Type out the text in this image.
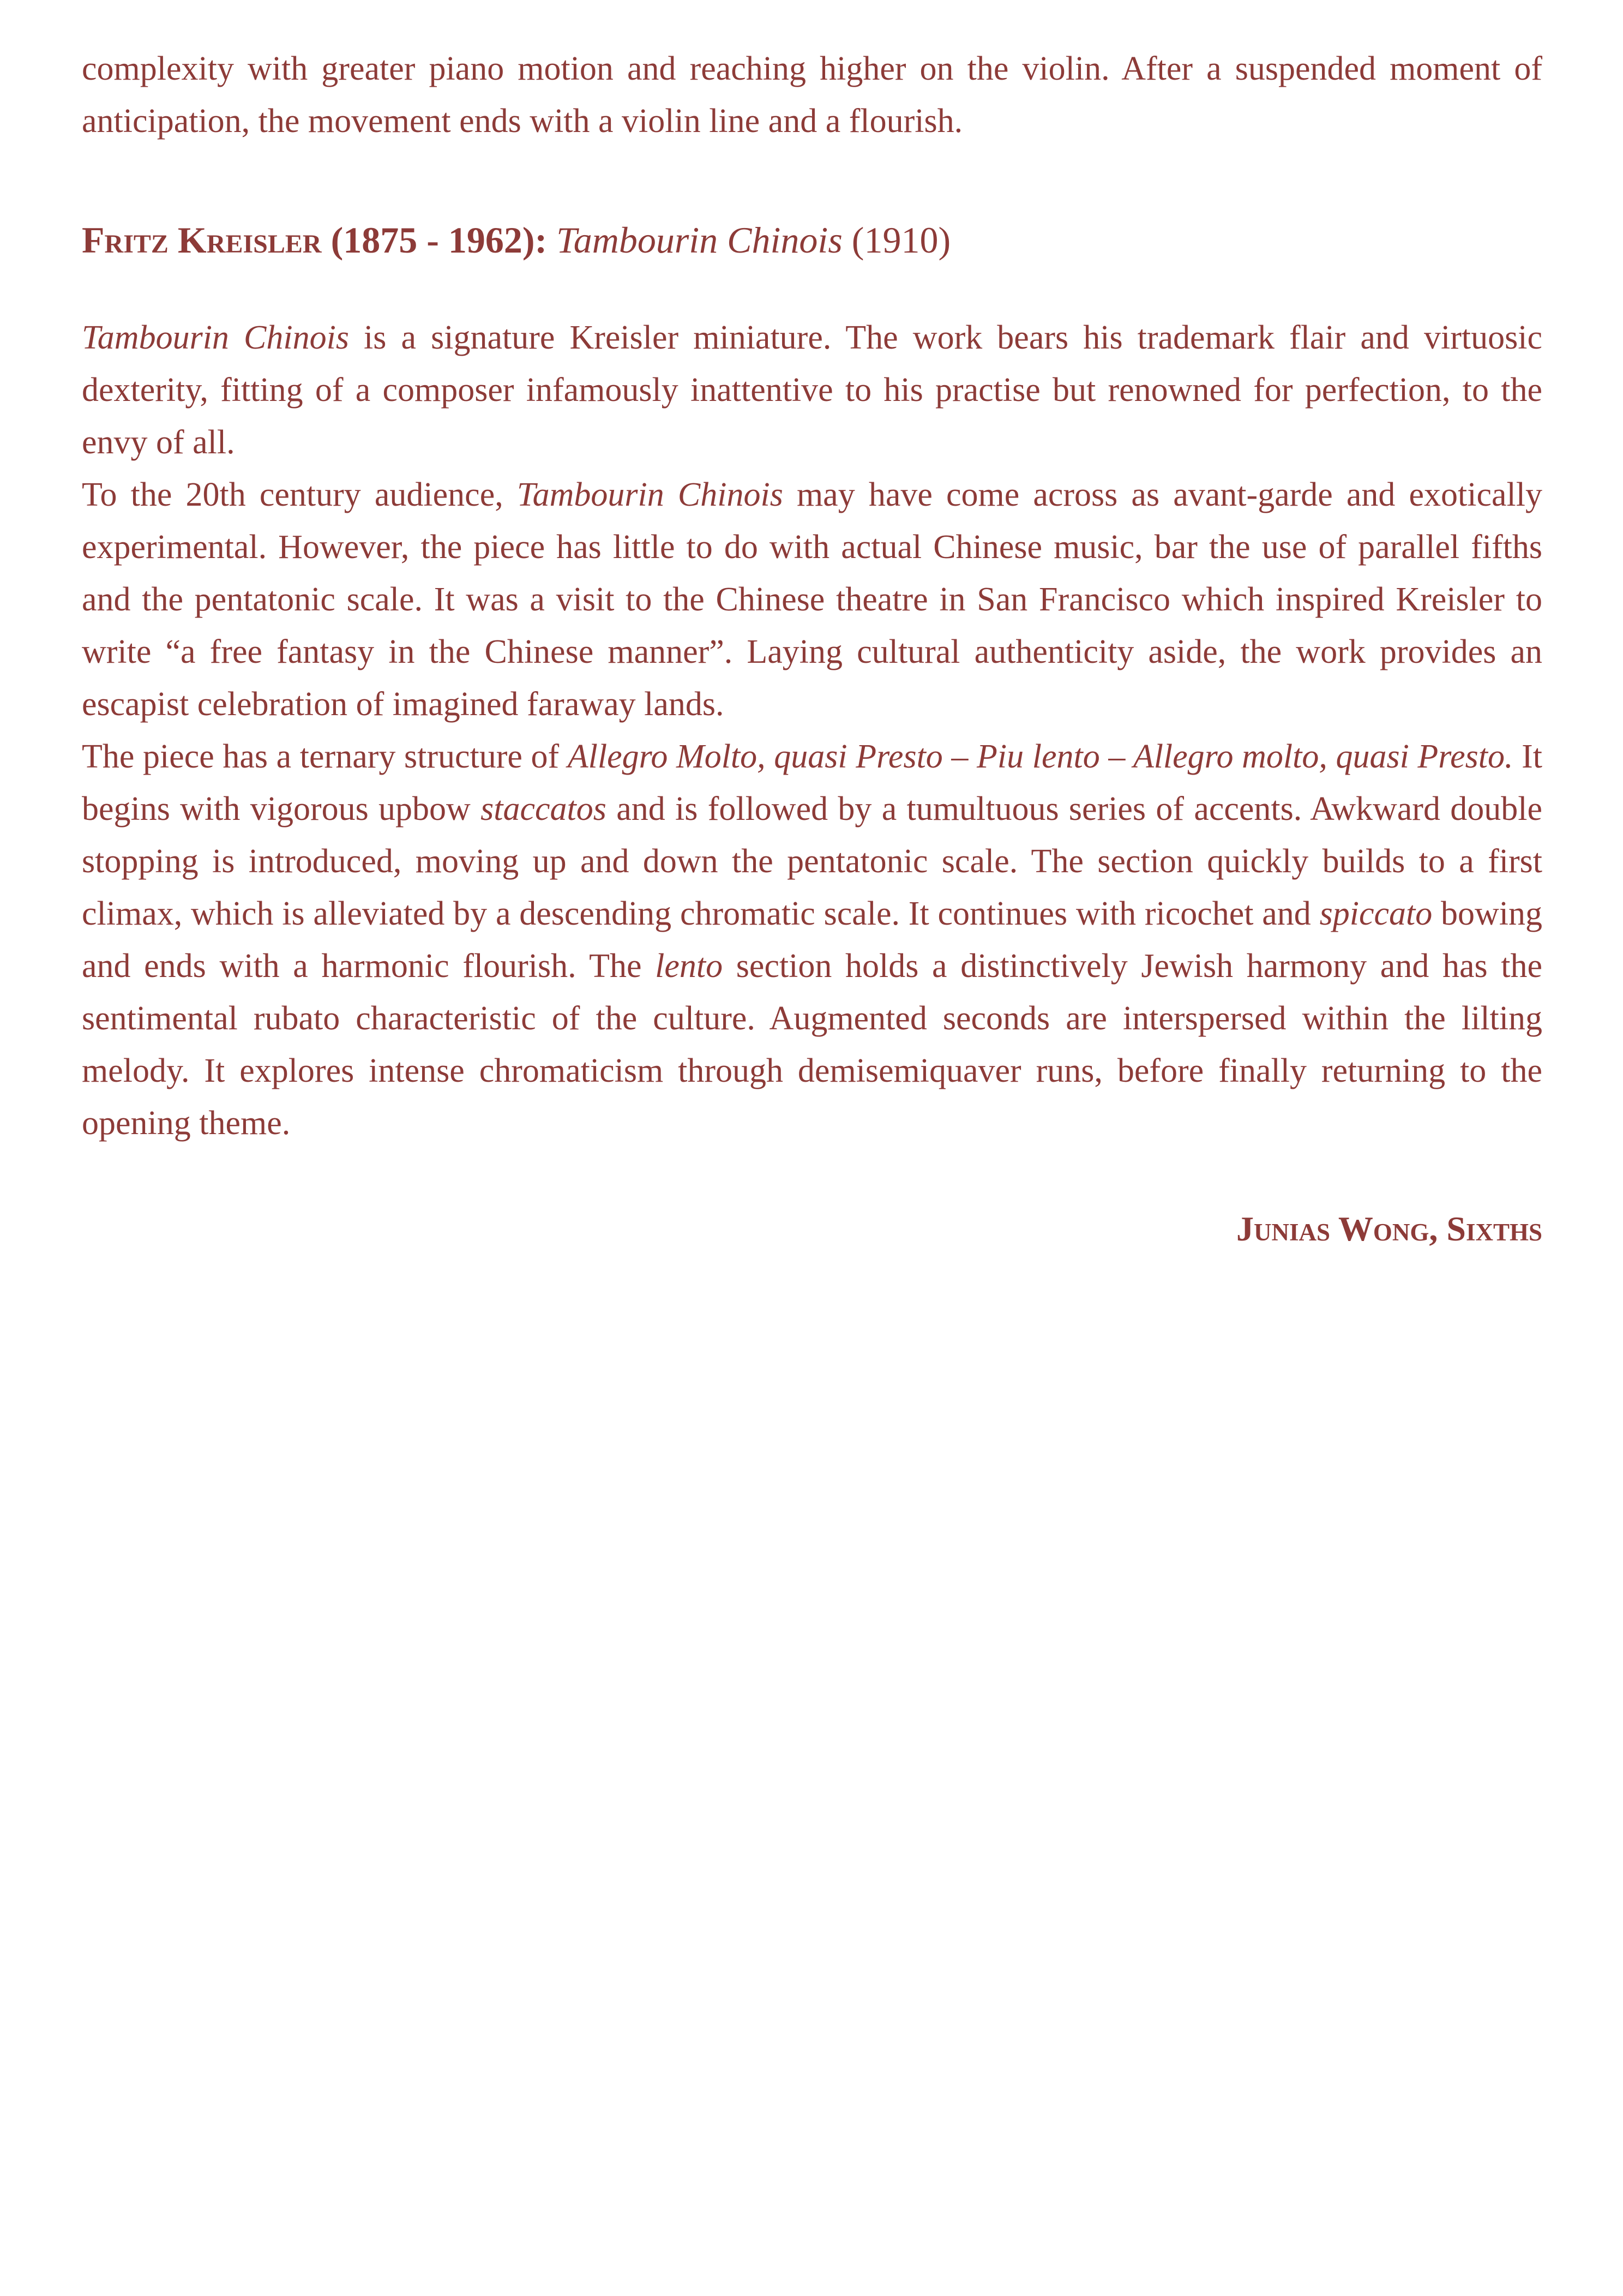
complexity with greater piano motion and reaching higher on the violin. After a suspended moment of anticipation, the movement ends with a violin line and a flourish.

Fritz Kreisler (1875 - 1962): Tambourin Chinois (1910)

Tambourin Chinois is a signature Kreisler miniature. The work bears his trademark flair and virtuosic dexterity, fitting of a composer infamously inattentive to his practise but renowned for perfection, to the envy of all.

To the 20th century audience, Tambourin Chinois may have come across as avant-garde and exotically experimental. However, the piece has little to do with actual Chinese music, bar the use of parallel fifths and the pentatonic scale. It was a visit to the Chinese theatre in San Francisco which inspired Kreisler to write “a free fantasy in the Chinese manner”. Laying cultural authenticity aside, the work provides an escapist celebration of imagined faraway lands.

The piece has a ternary structure of Allegro Molto, quasi Presto – Piu lento – Allegro molto, quasi Presto. It begins with vigorous upbow staccatos and is followed by a tumultuous series of accents. Awkward double stopping is introduced, moving up and down the pentatonic scale. The section quickly builds to a first climax, which is alleviated by a descending chromatic scale. It continues with ricochet and spiccato bowing and ends with a harmonic flourish. The lento section holds a distinctively Jewish harmony and has the sentimental rubato characteristic of the culture. Augmented seconds are interspersed within the lilting melody. It explores intense chromaticism through demisemiquaver runs, before finally returning to the opening theme.

Junias Wong, Sixths
